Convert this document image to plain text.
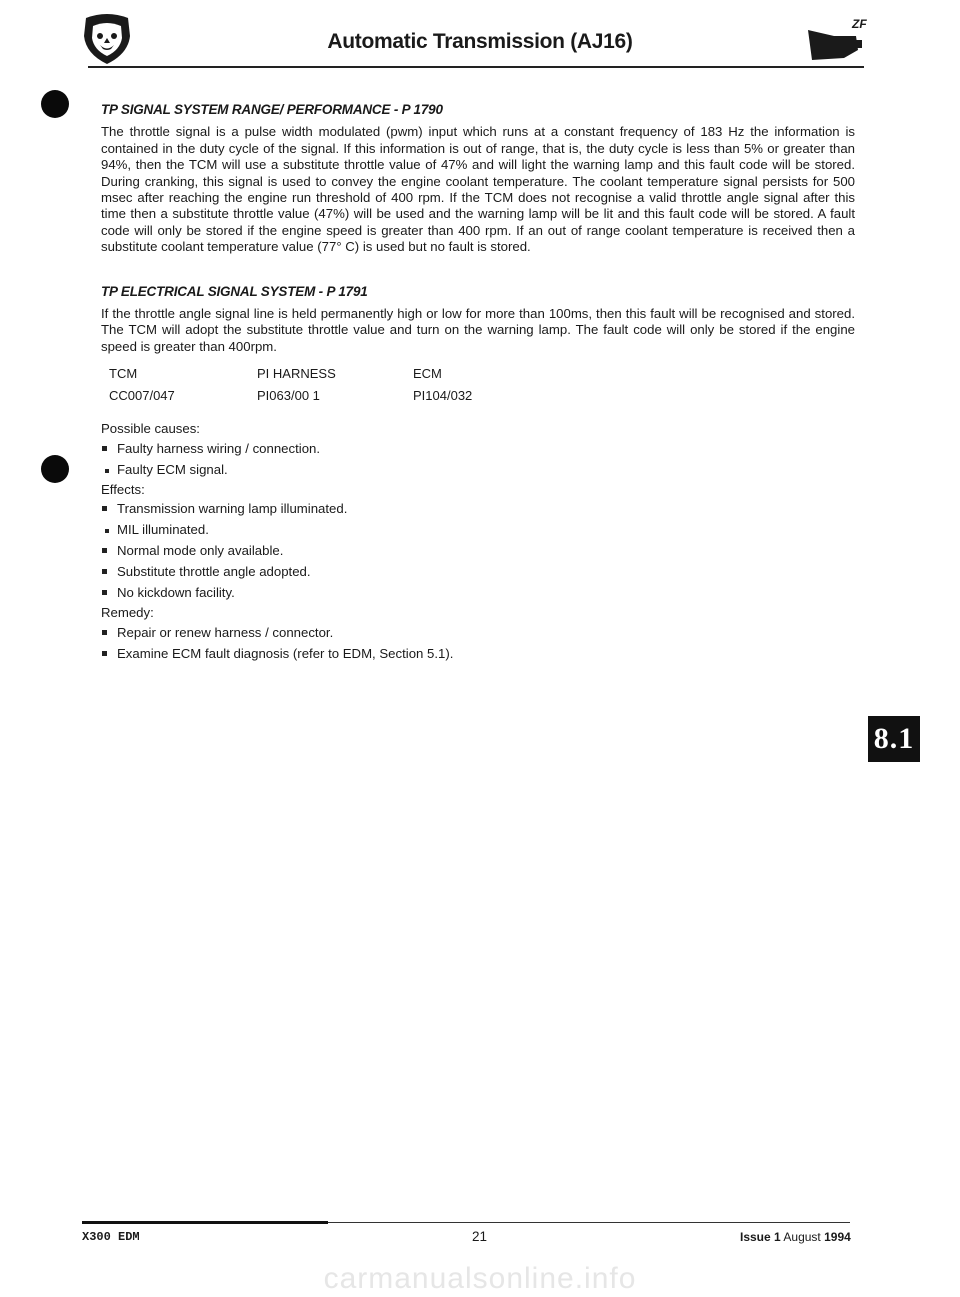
Automatic Transmission (AJ16)
ZF
TP SIGNAL SYSTEM RANGE/ PERFORMANCE - P 1790

The throttle signal is a pulse width modulated (pwm) input which runs at a constant frequency of 183 Hz the information is contained in the duty cycle of the signal. If this information is out of range, that is, the duty cycle is less than 5% or greater than 94%, then the TCM will use a substitute throttle value of 47% and will light the warning lamp and this fault code will be stored. During cranking, this signal is used to convey the engine coolant temperature. The coolant temperature signal persists for 500 msec after reaching the engine run threshold of 400 rpm. If the TCM does not recognise a valid throttle angle signal after this time then a substitute throttle value (47%) will be used and the warning lamp will be lit and this fault code will be stored. A fault code will only be stored if the engine speed is greater than 400 rpm. If an out of range coolant temperature is received then a substitute coolant temperature value (77° C) is used but no fault is stored.

TP ELECTRICAL SIGNAL SYSTEM - P 1791

If the throttle angle signal line is held permanently high or low for more than 100ms, then this fault will be recognised and stored. The TCM will adopt the substitute throttle value and turn on the warning lamp. The fault code will only be stored if the engine speed is greater than 400rpm.

TCM	PI HARNESS	ECM
CC007/047	PI063/00 1	PI104/032
Possible causes:
Faulty harness wiring / connection.
Faulty ECM signal.
Effects:
Transmission warning lamp illuminated.
MIL illuminated.
Normal mode only available.
Substitute throttle angle adopted.
No kickdown facility.
Remedy:
Repair or renew harness / connector.
Examine ECM fault diagnosis (refer to EDM, Section 5.1).
8.1
X300 EDM	21	Issue 1 August 1994
carmanualsonline.info
